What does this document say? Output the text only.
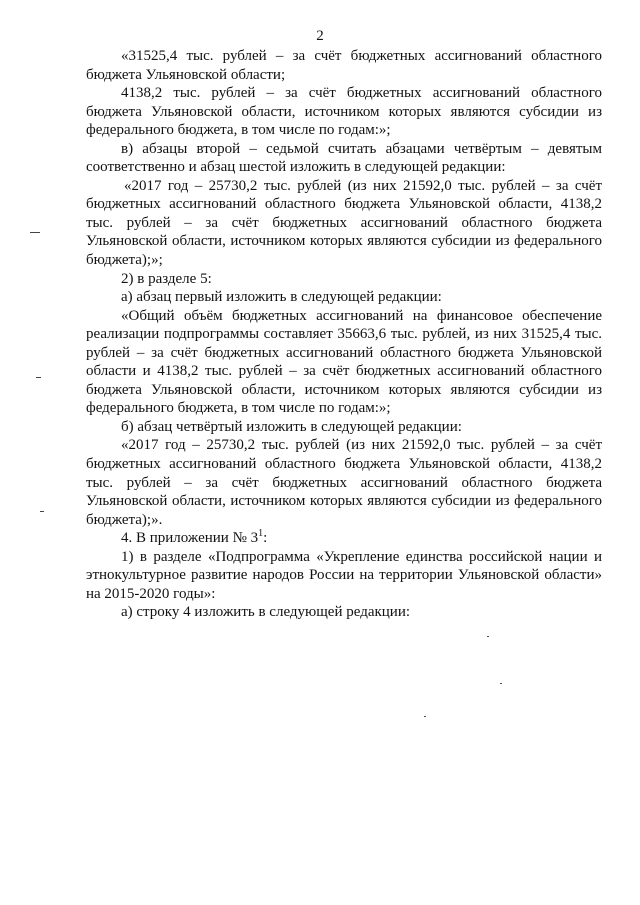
2

«31525,4 тыс. рублей – за счёт бюджетных ассигнований областного бюджета Ульяновской области;

4138,2 тыс. рублей – за счёт бюджетных ассигнований областного бюджета Ульяновской области, источником которых являются субсидии из федерального бюджета, в том числе по годам:»;

в) абзацы второй – седьмой считать абзацами четвёртым – девятым соответственно и абзац шестой изложить в следующей редакции:

«2017 год – 25730,2 тыс. рублей (из них 21592,0 тыс. рублей – за счёт бюджетных ассигнований областного бюджета Ульяновской области, 4138,2 тыс. рублей – за счёт бюджетных ассигнований областного бюджета Ульяновской области, источником которых являются субсидии из федерального бюджета);»;

2) в разделе 5:

а) абзац первый изложить в следующей редакции:

«Общий объём бюджетных ассигнований на финансовое обеспечение реализации подпрограммы составляет 35663,6 тыс. рублей, из них 31525,4 тыс. рублей – за счёт бюджетных ассигнований областного бюджета Ульяновской области и 4138,2 тыс. рублей – за счёт бюджетных ассигнований областного бюджета Ульяновской области, источником которых являются субсидии из федерального бюджета, в том числе по годам:»;

б) абзац четвёртый изложить в следующей редакции:

«2017 год – 25730,2 тыс. рублей (из них 21592,0 тыс. рублей – за счёт бюджетных ассигнований областного бюджета Ульяновской области, 4138,2 тыс. рублей – за счёт бюджетных ассигнований областного бюджета Ульяновской области, источником которых являются субсидии из федерального бюджета);».

4. В приложении № $3^1$:

1) в разделе «Подпрограмма «Укрепление единства российской нации и этнокультурное развитие народов России на территории Ульяновской области» на 2015-2020 годы»:

а) строку 4 изложить в следующей редакции:
